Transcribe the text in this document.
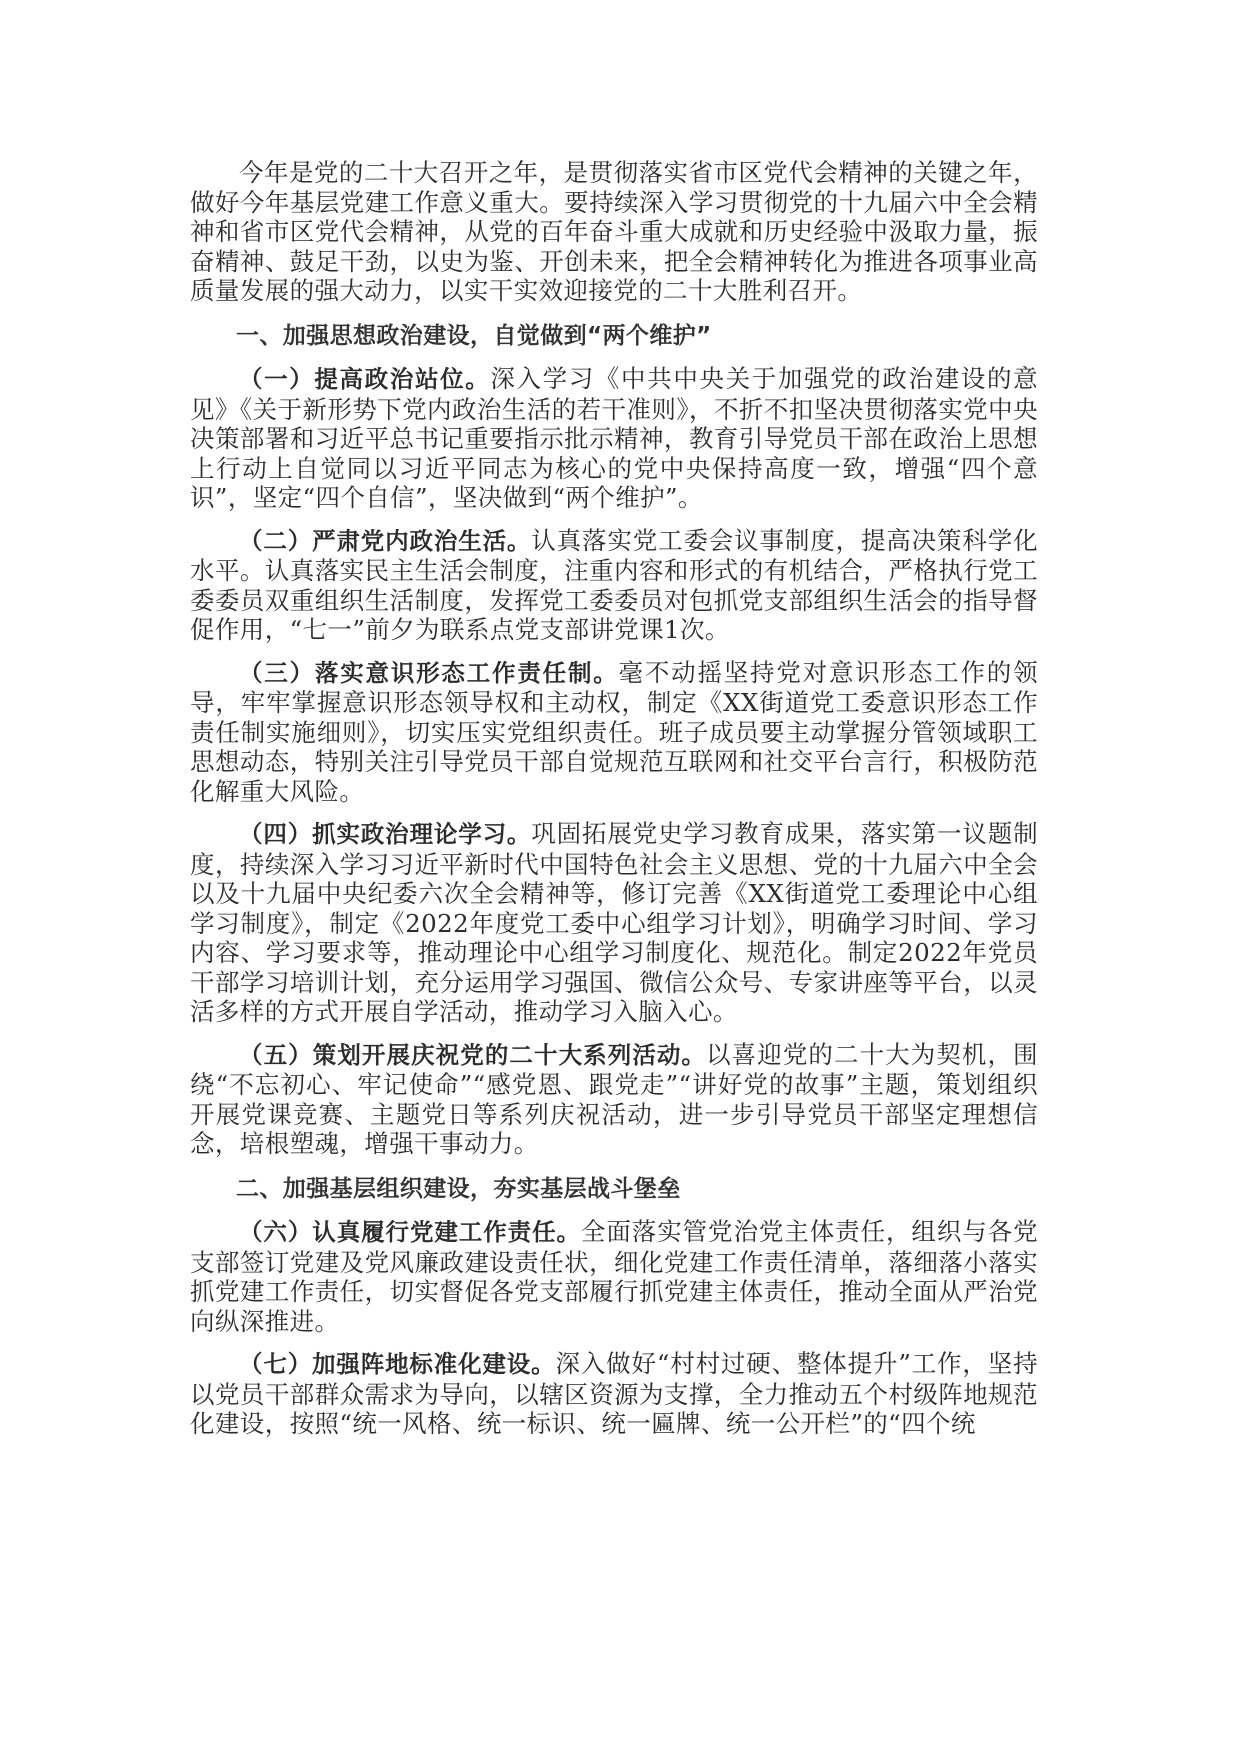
今年是党的二十大召开之年，是贯彻落实省市区党代会精神的关键之年，做好今年基层党建工作意义重大。要持续深入学习贯彻党的十九届六中全会精神和省市区党代会精神，从党的百年奋斗重大成就和历史经验中汲取力量，振奋精神、鼓足干劲，以史为鉴、开创未来，把全会精神转化为推进各项事业高质量发展的强大动力，以实干实效迎接党的二十大胜利召开。

一、加强思想政治建设，自觉做到“两个维护”

（一）提高政治站位。深入学习《中共中央关于加强党的政治建设的意见》《关于新形势下党内政治生活的若干准则》，不折不扣坚决贯彻落实党中央决策部署和习近平总书记重要指示批示精神，教育引导党员干部在政治上思想上行动上自觉同以习近平同志为核心的党中央保持高度一致，增强“四个意识”，坚定“四个自信”，坚决做到“两个维护”。

（二）严肃党内政治生活。认真落实党工委会议事制度，提高决策科学化水平。认真落实民主生活会制度，注重内容和形式的有机结合，严格执行党工委委员双重组织生活制度，发挥党工委委员对包抓党支部组织生活会的指导督促作用，“七一”前夕为联系点党支部讲党课1次。

（三）落实意识形态工作责任制。毫不动摇坚持党对意识形态工作的领导，牢牢掌握意识形态领导权和主动权，制定《XX街道党工委意识形态工作责任制实施细则》，切实压实党组织责任。班子成员要主动掌握分管领域职工思想动态，特别关注引导党员干部自觉规范互联网和社交平台言行，积极防范化解重大风险。

（四）抓实政治理论学习。巩固拓展党史学习教育成果，落实第一议题制度，持续深入学习习近平新时代中国特色社会主义思想、党的十九届六中全会以及十九届中央纪委六次全会精神等，修订完善《XX街道党工委理论中心组学习制度》，制定《2022年度党工委中心组学习计划》，明确学习时间、学习内容、学习要求等，推动理论中心组学习制度化、规范化。制定2022年党员干部学习培训计划，充分运用学习强国、微信公众号、专家讲座等平台，以灵活多样的方式开展自学活动，推动学习入脑入心。

（五）策划开展庆祝党的二十大系列活动。以喜迎党的二十大为契机，围绕“不忘初心、牢记使命”“感党恩、跟党走”“讲好党的故事”主题，策划组织开展党课竞赛、主题党日等系列庆祝活动，进一步引导党员干部坚定理想信念，培根塑魂，增强干事动力。

二、加强基层组织建设，夯实基层战斗堡垒

（六）认真履行党建工作责任。全面落实管党治党主体责任，组织与各党支部签订党建及党风廉政建设责任状，细化党建工作责任清单，落细落小落实抓党建工作责任，切实督促各党支部履行抓党建主体责任，推动全面从严治党向纵深推进。

（七）加强阵地标准化建设。深入做好“村村过硬、整体提升”工作，坚持以党员干部群众需求为导向，以辖区资源为支撑，全力推动五个村级阵地规范化建设，按照“统一风格、统一标识、统一匾牌、统一公开栏”的“四个统
